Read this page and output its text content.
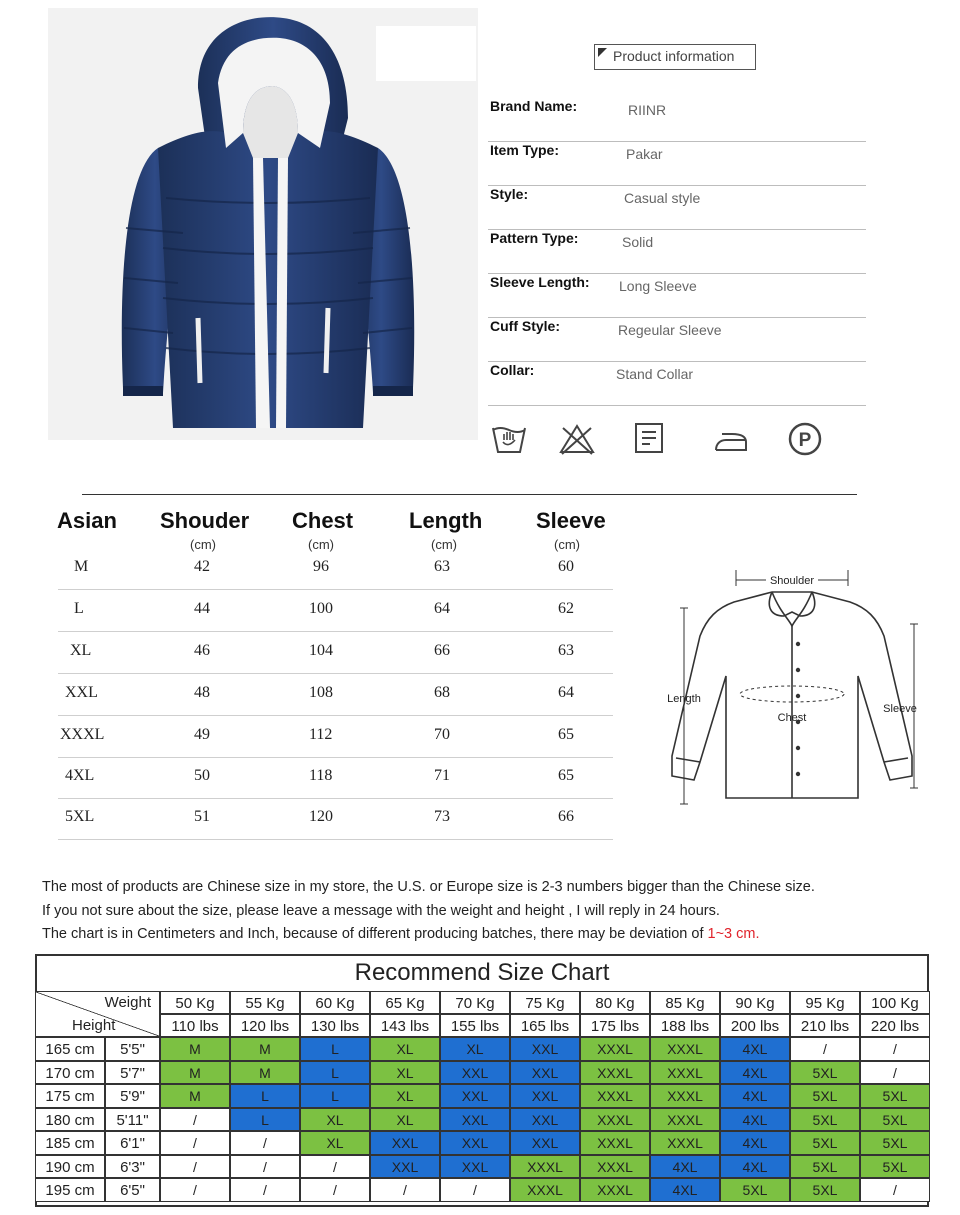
Product information
Brand Name:	RIINR
Item Type:	Pakar
Style:	Casual style
Pattern Type:	Solid
Sleeve Length: Long Sleeve
Cuff Style:	Regeular Sleeve
Collar:	Stand Collar
P
Asian Shouder Chest	Length Sleeve
(cm)	(cm)	(cm)	(cm)
M	42	96	63	60
L	44	100	64	62
XL	46	104	66	63
XXL	48	108	68	64
XXXL	49	112	70	65
4XL	50	118	71	65
5XL	51	120	73	66
Shoulder
Length
Chest
Sleeve
The most of products are Chinese size in my store, the U.S. or Europe size is 2-3 numbers bigger than the Chinese size.
If you not sure about the size, please leave a message with the weight and height , I will reply in 24 hours.
The chart is in Centimeters and Inch, because of different producing batches, there may be deviation of 1~3 cm.
Recommend Size Chart
Weight
Height
50 Kg	55 Kg	60 Kg	65 Kg	70 Kg	75 Kg	80 Kg	85 Kg	90 Kg	95 Kg	100 Kg
110 lbs	120 lbs	130 lbs	143 lbs	155 lbs	165 lbs	175 lbs	188 lbs	200 lbs	210 lbs	220 lbs
165 cm	5'5"	M	M	L	XL	XL	XXL	XXXL	XXXL	4XL	/	/
170 cm	5'7"	M	M	L	XL	XXL	XXL	XXXL	XXXL	4XL	5XL	/
175 cm	5'9"	M	L	L	XL	XXL	XXL	XXXL	XXXL	4XL	5XL	5XL
180 cm	5'11"	/	L	XL	XL	XXL	XXL	XXXL	XXXL	4XL	5XL	5XL
185 cm	6'1"	/	/	XL	XXL	XXL	XXL	XXXL	XXXL	4XL	5XL	5XL
190 cm	6'3"	/	/	/	XXL	XXL	XXXL	XXXL	4XL	4XL	5XL	5XL
195 cm	6'5"	/	/	/	/	/	XXXL	XXXL	4XL	5XL	5XL	/
